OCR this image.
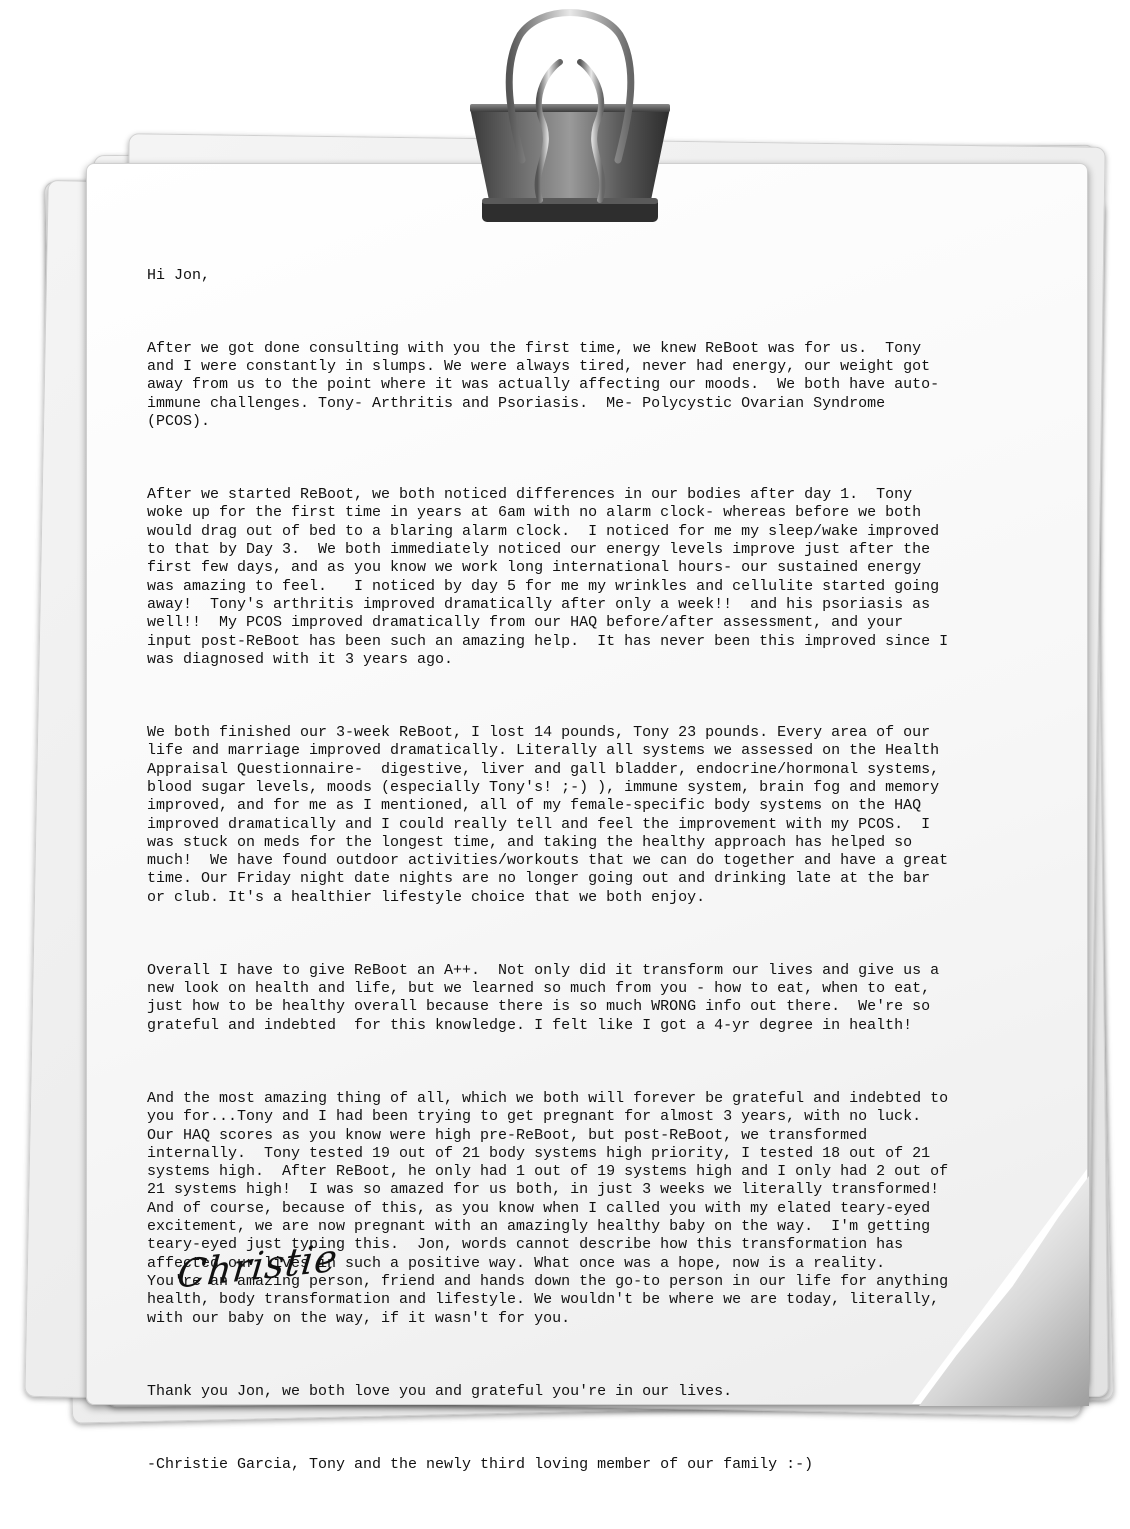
Hi Jon,

After we got done consulting with you the first time, we knew ReBoot was for us.  Tony
and I were constantly in slumps. We were always tired, never had energy, our weight got
away from us to the point where it was actually affecting our moods.  We both have auto-
immune challenges. Tony- Arthritis and Psoriasis.  Me- Polycystic Ovarian Syndrome
(PCOS).

After we started ReBoot, we both noticed differences in our bodies after day 1.  Tony
woke up for the first time in years at 6am with no alarm clock- whereas before we both
would drag out of bed to a blaring alarm clock.  I noticed for me my sleep/wake improved
to that by Day 3.  We both immediately noticed our energy levels improve just after the
first few days, and as you know we work long international hours- our sustained energy
was amazing to feel.   I noticed by day 5 for me my wrinkles and cellulite started going
away!  Tony's arthritis improved dramatically after only a week!!  and his psoriasis as
well!!  My PCOS improved dramatically from our HAQ before/after assessment, and your
input post-ReBoot has been such an amazing help.  It has never been this improved since I
was diagnosed with it 3 years ago.

We both finished our 3-week ReBoot, I lost 14 pounds, Tony 23 pounds. Every area of our
life and marriage improved dramatically. Literally all systems we assessed on the Health
Appraisal Questionnaire-  digestive, liver and gall bladder, endocrine/hormonal systems,
blood sugar levels, moods (especially Tony's! ;-) ), immune system, brain fog and memory
improved, and for me as I mentioned, all of my female-specific body systems on the HAQ
improved dramatically and I could really tell and feel the improvement with my PCOS.  I
was stuck on meds for the longest time, and taking the healthy approach has helped so
much!  We have found outdoor activities/workouts that we can do together and have a great
time. Our Friday night date nights are no longer going out and drinking late at the bar
or club. It's a healthier lifestyle choice that we both enjoy.

Overall I have to give ReBoot an A++.  Not only did it transform our lives and give us a
new look on health and life, but we learned so much from you - how to eat, when to eat,
just how to be healthy overall because there is so much WRONG info out there.  We're so
grateful and indebted  for this knowledge. I felt like I got a 4-yr degree in health!

And the most amazing thing of all, which we both will forever be grateful and indebted to
you for...Tony and I had been trying to get pregnant for almost 3 years, with no luck.
Our HAQ scores as you know were high pre-ReBoot, but post-ReBoot, we transformed
internally.  Tony tested 19 out of 21 body systems high priority, I tested 18 out of 21
systems high.  After ReBoot, he only had 1 out of 19 systems high and I only had 2 out of
21 systems high!  I was so amazed for us both, in just 3 weeks we literally transformed!
And of course, because of this, as you know when I called you with my elated teary-eyed
excitement, we are now pregnant with an amazingly healthy baby on the way.  I'm getting
teary-eyed just typing this.  Jon, words cannot describe how this transformation has
affected our lives in such a positive way. What once was a hope, now is a reality.
You're an amazing person, friend and hands down the go-to person in our life for anything
health, body transformation and lifestyle. We wouldn't be where we are today, literally,
with our baby on the way, if it wasn't for you.

Thank you Jon, we both love you and grateful you're in our lives.

-Christie Garcia, Tony and the newly third loving member of our family :-)

Christie
